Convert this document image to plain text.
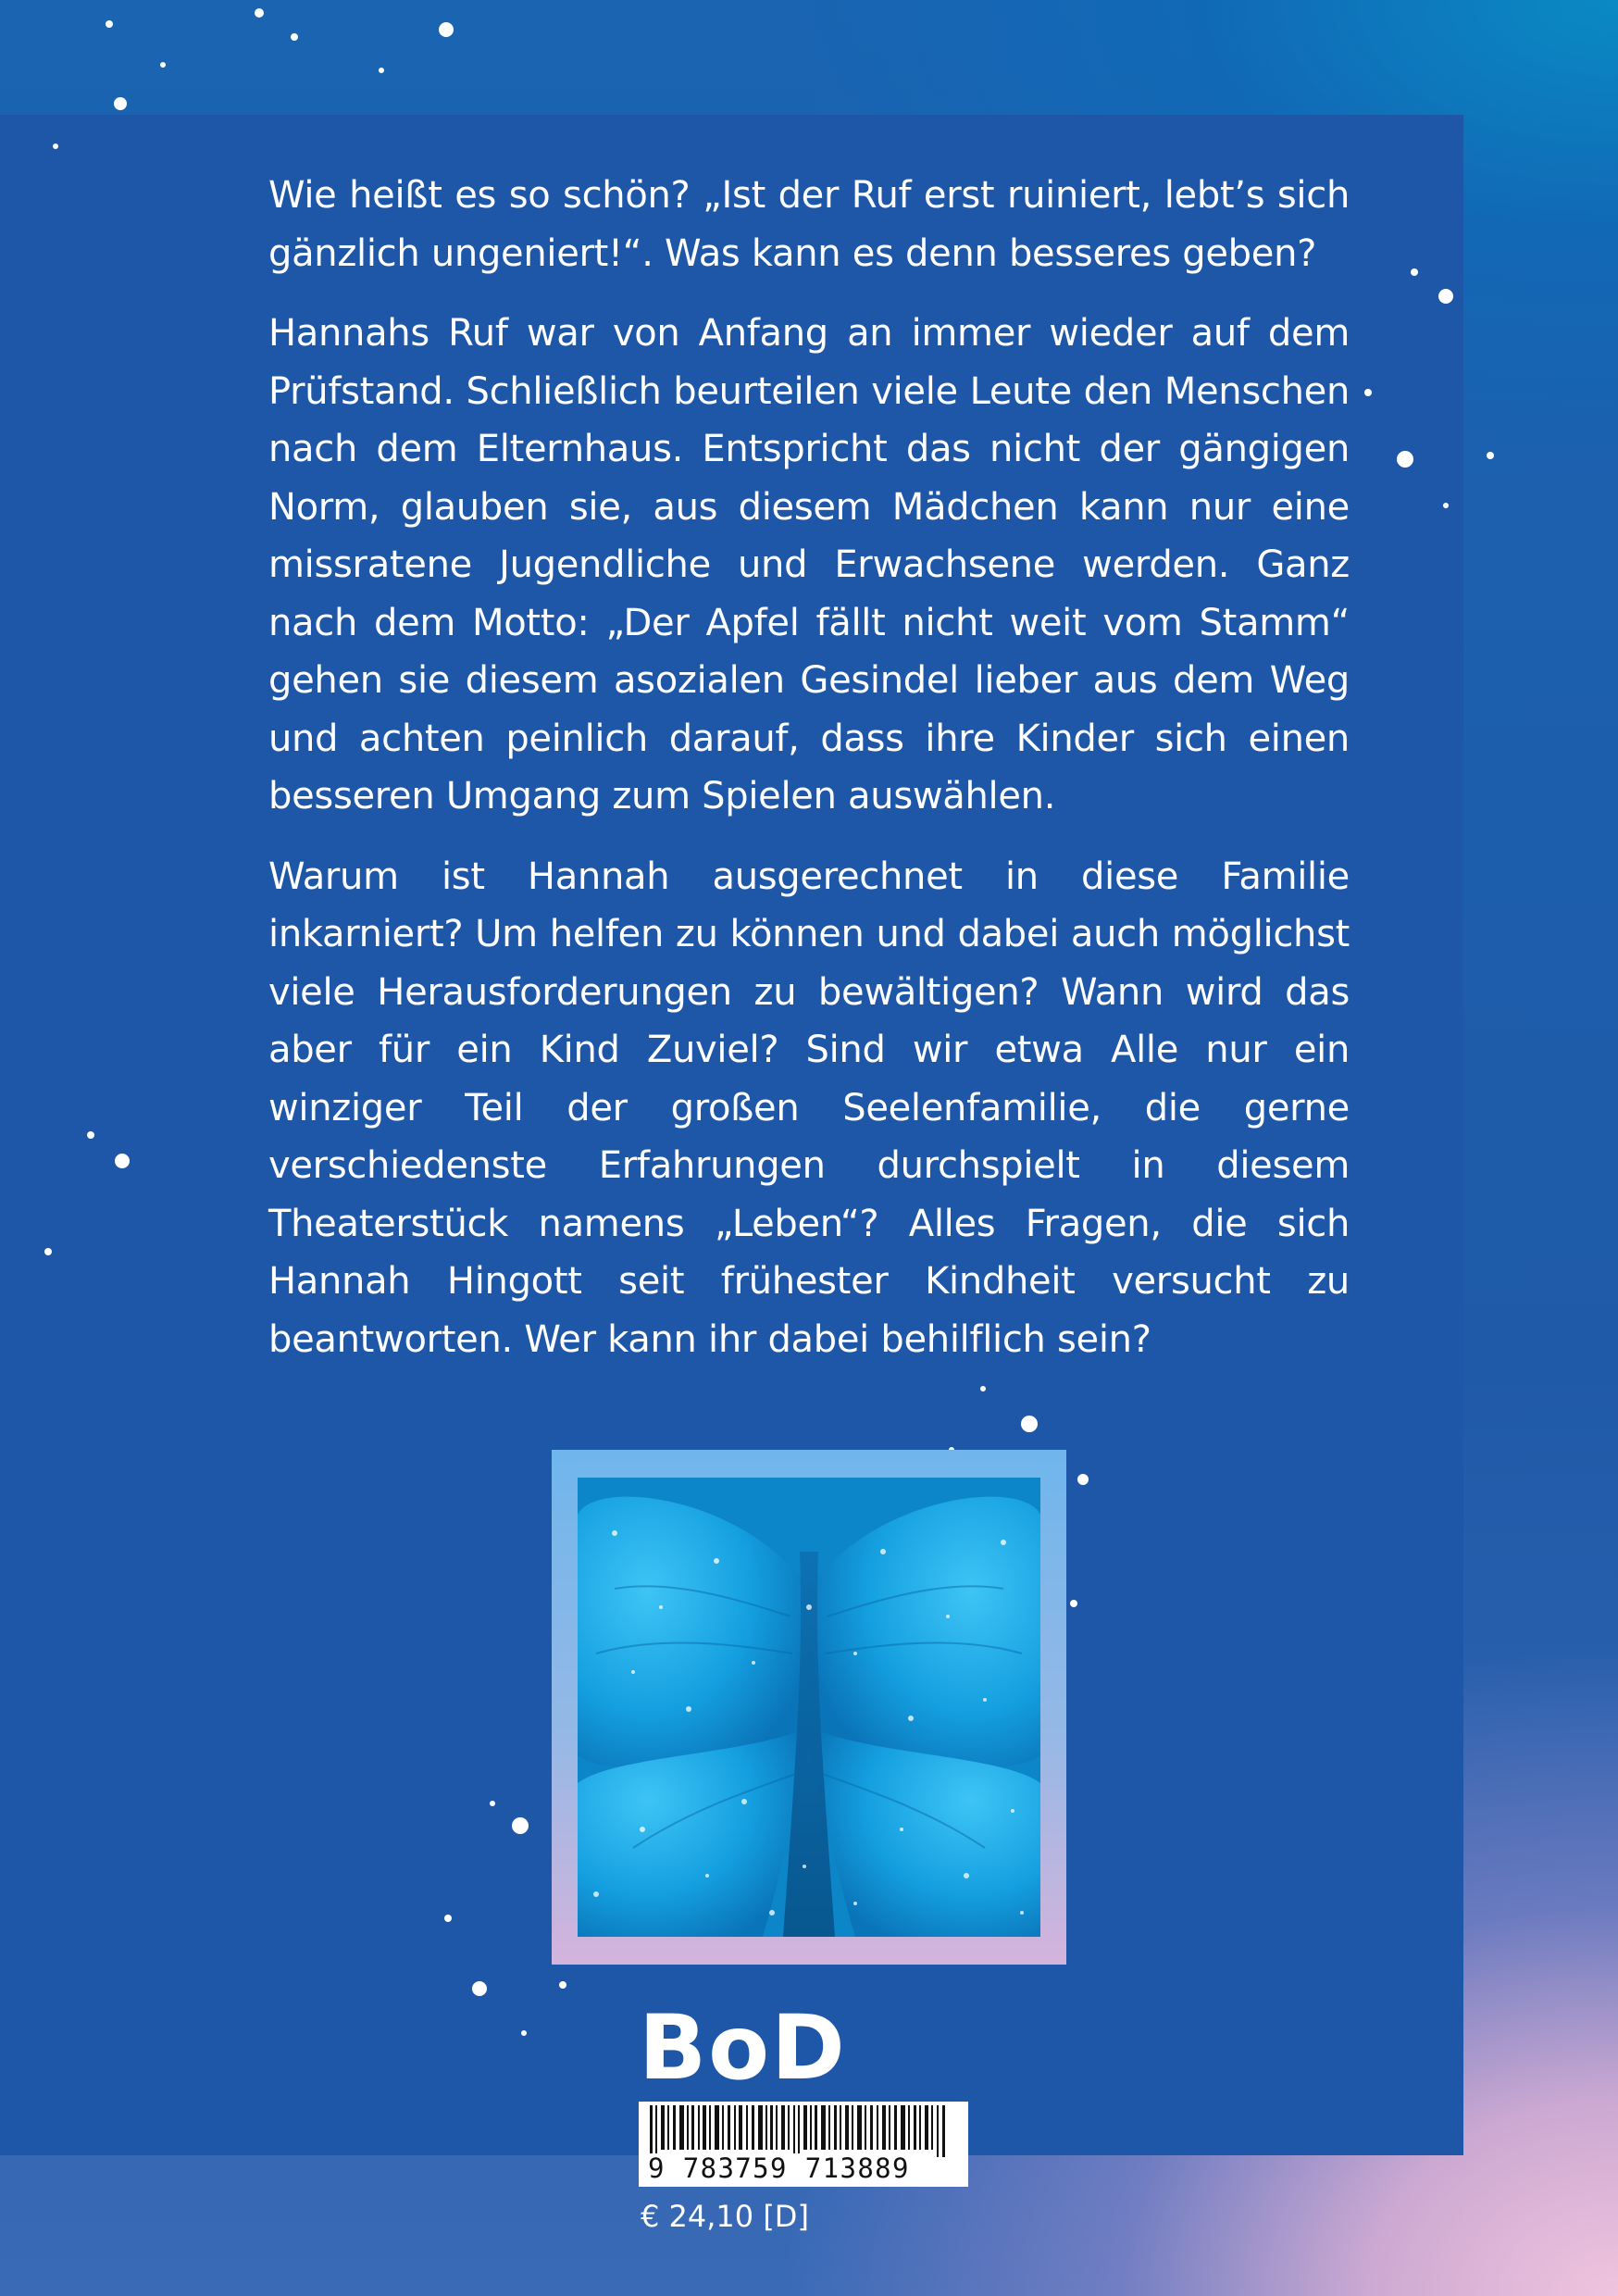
Wie heißt es so schön? „Ist der Ruf erst ruiniert, lebt’s sich gänzlich ungeniert!“. Was kann es denn besseres geben?

Hannahs Ruf war von Anfang an immer wieder auf dem Prüfstand. Schließlich beurteilen viele Leute den Menschen nach dem Elternhaus. Entspricht das nicht der gängigen Norm, glauben sie, aus diesem Mädchen kann nur eine missratene Jugendliche und Erwachsene werden. Ganz nach dem Motto: „Der Apfel fällt nicht weit vom Stamm“ gehen sie diesem asozialen Gesindel lieber aus dem Weg und achten peinlich darauf, dass ihre Kinder sich einen besseren Umgang zum Spielen auswählen.

Warum ist Hannah ausgerechnet in diese Familie inkarniert? Um helfen zu können und dabei auch möglichst viele Herausforderungen zu bewältigen? Wann wird das aber für ein Kind Zuviel? Sind wir etwa Alle nur ein winziger Teil der großen Seelenfamilie, die gerne verschiedenste Erfahrungen durchspielt in diesem Theaterstück namens „Leben“? Alles Fragen, die sich Hannah Hingott seit frühester Kindheit versucht zu beantworten. Wer kann ihr dabei behilflich sein?

BoD
9 783759 713889
€ 24,10 [D]
